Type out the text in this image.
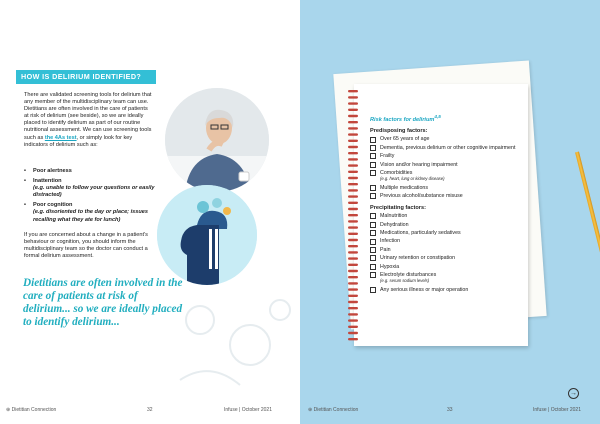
HOW IS DELIRIUM IDENTIFIED?
There are validated screening tools for delirium that any member of the multidisciplinary team can use. Dietitians are often involved in the care of patients at risk of delirium (see beside), so we are ideally placed to identify delirium as part of our routine nutritional assessment. We can use screening tools such as the 4As test, or simply look for key indicators of delirium such as:
•	Poor alertness
•	Inattention
(e.g. unable to follow your questions or easily distracted)
•	Poor cognition
(e.g. disoriented to the day or place; issues recalling what they ate for lunch)
If you are concerned about a change in a patient's behaviour or cognition, you should inform the multidisciplinary team so the doctor can conduct a formal delirium assessment.
Dietitians are often involved in the care of patients at risk of delirium... so we are ideally placed to identify delirium...
⊕ Dietitian Connection	32	Infuse | October 2021
Risk factors for delirium$^{4,5}$
Predisposing factors:
Over 65 years of age
Dementia, previous delirium or other cognitive impairment
Frailty
Vision and/or hearing impairment
Comorbidities
(e.g. heart, lung or kidney disease)
Multiple medications
Previous alcohol/substance misuse
Precipitating factors:
Malnutrition
Dehydration
Medications, particularly sedatives
Infection
Pain
Urinary retention or constipation
Hypoxia
Electrolyte disturbances
(e.g. serum sodium levels)
Any serious illness or major operation
→
⊕ Dietitian Connection	33	Infuse | October 2021
